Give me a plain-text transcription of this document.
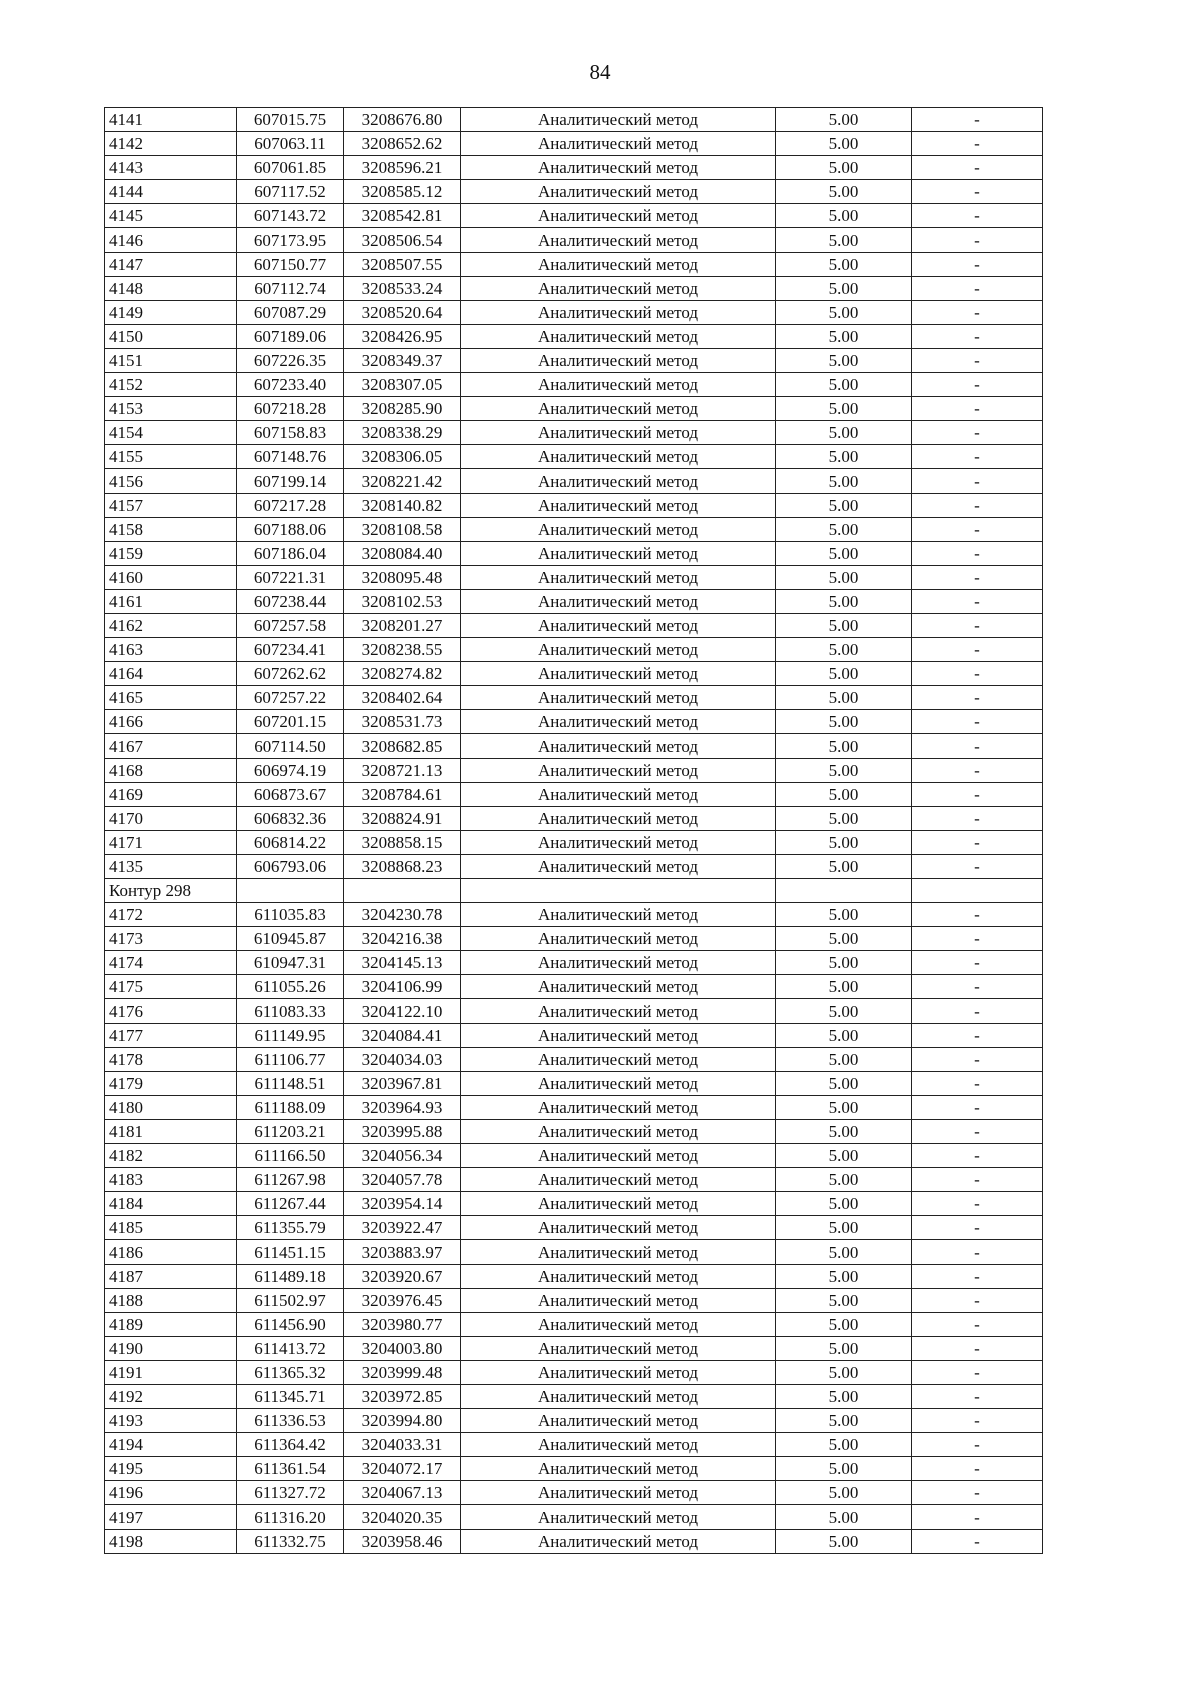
84
4141	607015.75	3208676.80	Аналитический метод	5.00	-
4142	607063.11	3208652.62	Аналитический метод	5.00	-
4143	607061.85	3208596.21	Аналитический метод	5.00	-
4144	607117.52	3208585.12	Аналитический метод	5.00	-
4145	607143.72	3208542.81	Аналитический метод	5.00	-
4146	607173.95	3208506.54	Аналитический метод	5.00	-
4147	607150.77	3208507.55	Аналитический метод	5.00	-
4148	607112.74	3208533.24	Аналитический метод	5.00	-
4149	607087.29	3208520.64	Аналитический метод	5.00	-
4150	607189.06	3208426.95	Аналитический метод	5.00	-
4151	607226.35	3208349.37	Аналитический метод	5.00	-
4152	607233.40	3208307.05	Аналитический метод	5.00	-
4153	607218.28	3208285.90	Аналитический метод	5.00	-
4154	607158.83	3208338.29	Аналитический метод	5.00	-
4155	607148.76	3208306.05	Аналитический метод	5.00	-
4156	607199.14	3208221.42	Аналитический метод	5.00	-
4157	607217.28	3208140.82	Аналитический метод	5.00	-
4158	607188.06	3208108.58	Аналитический метод	5.00	-
4159	607186.04	3208084.40	Аналитический метод	5.00	-
4160	607221.31	3208095.48	Аналитический метод	5.00	-
4161	607238.44	3208102.53	Аналитический метод	5.00	-
4162	607257.58	3208201.27	Аналитический метод	5.00	-
4163	607234.41	3208238.55	Аналитический метод	5.00	-
4164	607262.62	3208274.82	Аналитический метод	5.00	-
4165	607257.22	3208402.64	Аналитический метод	5.00	-
4166	607201.15	3208531.73	Аналитический метод	5.00	-
4167	607114.50	3208682.85	Аналитический метод	5.00	-
4168	606974.19	3208721.13	Аналитический метод	5.00	-
4169	606873.67	3208784.61	Аналитический метод	5.00	-
4170	606832.36	3208824.91	Аналитический метод	5.00	-
4171	606814.22	3208858.15	Аналитический метод	5.00	-
4135	606793.06	3208868.23	Аналитический метод	5.00	-
Контур 298					
4172	611035.83	3204230.78	Аналитический метод	5.00	-
4173	610945.87	3204216.38	Аналитический метод	5.00	-
4174	610947.31	3204145.13	Аналитический метод	5.00	-
4175	611055.26	3204106.99	Аналитический метод	5.00	-
4176	611083.33	3204122.10	Аналитический метод	5.00	-
4177	611149.95	3204084.41	Аналитический метод	5.00	-
4178	611106.77	3204034.03	Аналитический метод	5.00	-
4179	611148.51	3203967.81	Аналитический метод	5.00	-
4180	611188.09	3203964.93	Аналитический метод	5.00	-
4181	611203.21	3203995.88	Аналитический метод	5.00	-
4182	611166.50	3204056.34	Аналитический метод	5.00	-
4183	611267.98	3204057.78	Аналитический метод	5.00	-
4184	611267.44	3203954.14	Аналитический метод	5.00	-
4185	611355.79	3203922.47	Аналитический метод	5.00	-
4186	611451.15	3203883.97	Аналитический метод	5.00	-
4187	611489.18	3203920.67	Аналитический метод	5.00	-
4188	611502.97	3203976.45	Аналитический метод	5.00	-
4189	611456.90	3203980.77	Аналитический метод	5.00	-
4190	611413.72	3204003.80	Аналитический метод	5.00	-
4191	611365.32	3203999.48	Аналитический метод	5.00	-
4192	611345.71	3203972.85	Аналитический метод	5.00	-
4193	611336.53	3203994.80	Аналитический метод	5.00	-
4194	611364.42	3204033.31	Аналитический метод	5.00	-
4195	611361.54	3204072.17	Аналитический метод	5.00	-
4196	611327.72	3204067.13	Аналитический метод	5.00	-
4197	611316.20	3204020.35	Аналитический метод	5.00	-
4198	611332.75	3203958.46	Аналитический метод	5.00	-
